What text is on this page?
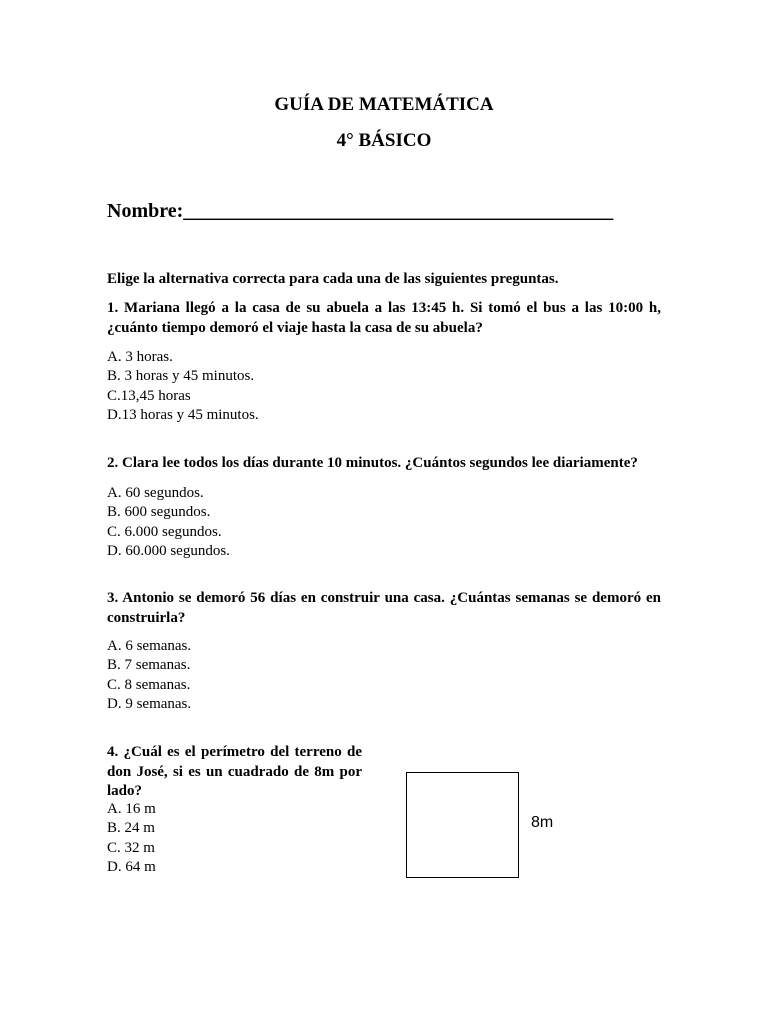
GUÍA DE MATEMÁTICA
4° BÁSICO
Nombre:___________________________________________
Elige la alternativa correcta para cada una de las siguientes preguntas.
1. Mariana llegó a la casa de su abuela a las 13:45 h. Si tomó el bus a las 10:00 h, ¿cuánto tiempo demoró el viaje hasta la casa de su abuela?
A. 3 horas.
B. 3 horas y 45 minutos.
C.13,45 horas
D.13 horas y 45 minutos.
2. Clara lee todos los días durante 10 minutos. ¿Cuántos segundos lee diariamente?
A. 60 segundos.
B. 600 segundos.
C. 6.000 segundos.
D. 60.000 segundos.
3. Antonio se demoró 56 días en construir una casa. ¿Cuántas semanas se demoró en construirla?
A. 6 semanas.
B. 7 semanas.
C. 8 semanas.
D. 9 semanas.
4. ¿Cuál es el perímetro del terreno de don José, si es un cuadrado de 8m por lado?
A. 16 m
B. 24 m
C. 32 m
D. 64 m
8m
